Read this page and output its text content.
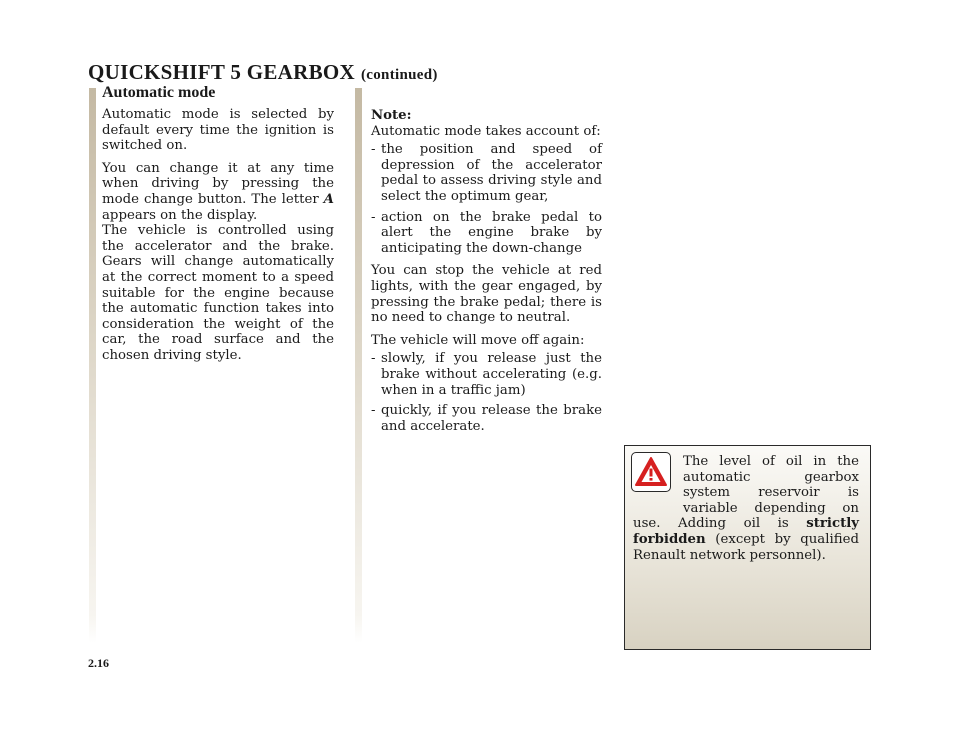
QUICKSHIFT 5 GEARBOX (continued)
Automatic mode

Automatic mode is selected by default every time the ignition is switched on.

You can change it at any time when driving by pressing the mode change button. The letter A appears on the display.

The vehicle is controlled using the accelerator and the brake. Gears will change automatically at the correct moment to a speed suitable for the engine because the automatic function takes into consideration the weight of the car, the road surface and the chosen driving style.

Note:

Automatic mode takes account of:

- the position and speed of depression of the accelerator pedal to assess driving style and select the optimum gear,
- action on the brake pedal to alert the engine brake by anticipating the down-change

You can stop the vehicle at red lights, with the gear engaged, by pressing the brake pedal; there is no need to change to neutral.

The vehicle will move off again:

- slowly, if you release just the brake without accelerating (e.g. when in a traffic jam)
- quickly, if you release the brake and accelerate.
The level of oil in the automatic gearbox system reservoir is variable depending on use. Adding oil is strictly forbidden (except by qualified Renault network personnel).
2.16
